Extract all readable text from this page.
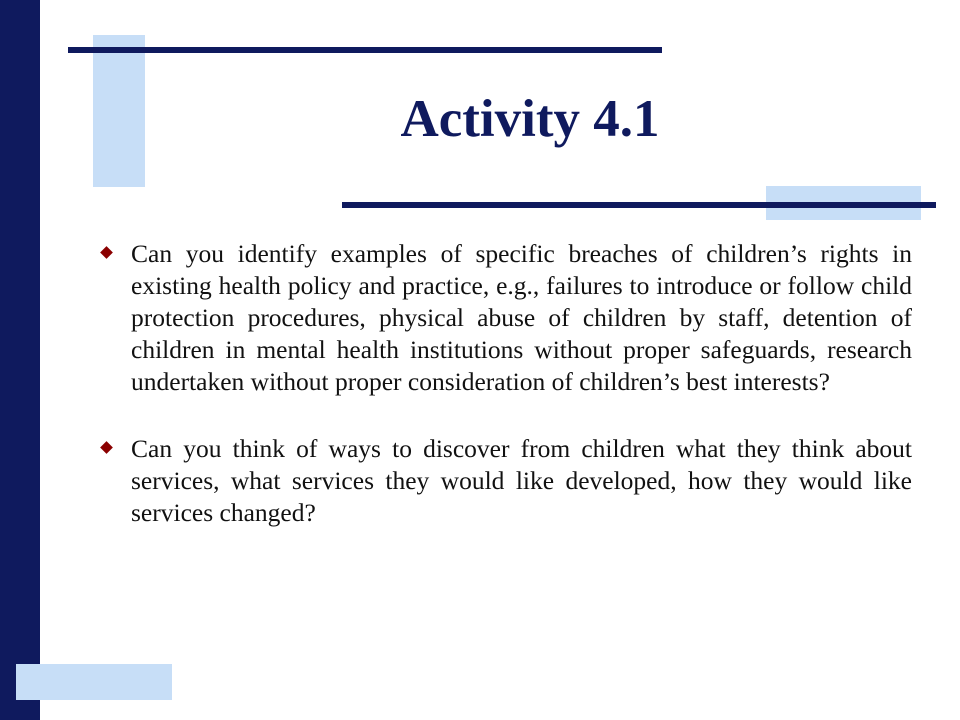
Activity 4.1
Can you identify examples of specific breaches of children’s rights in existing health policy and practice, e.g., failures to introduce or follow child protection procedures, physical abuse of children by staff, detention of children in mental health institutions without proper safeguards, research undertaken without proper consideration of children’s best interests?
Can you think of ways to discover from children what they think about services, what services they would like developed, how they would like services changed?
